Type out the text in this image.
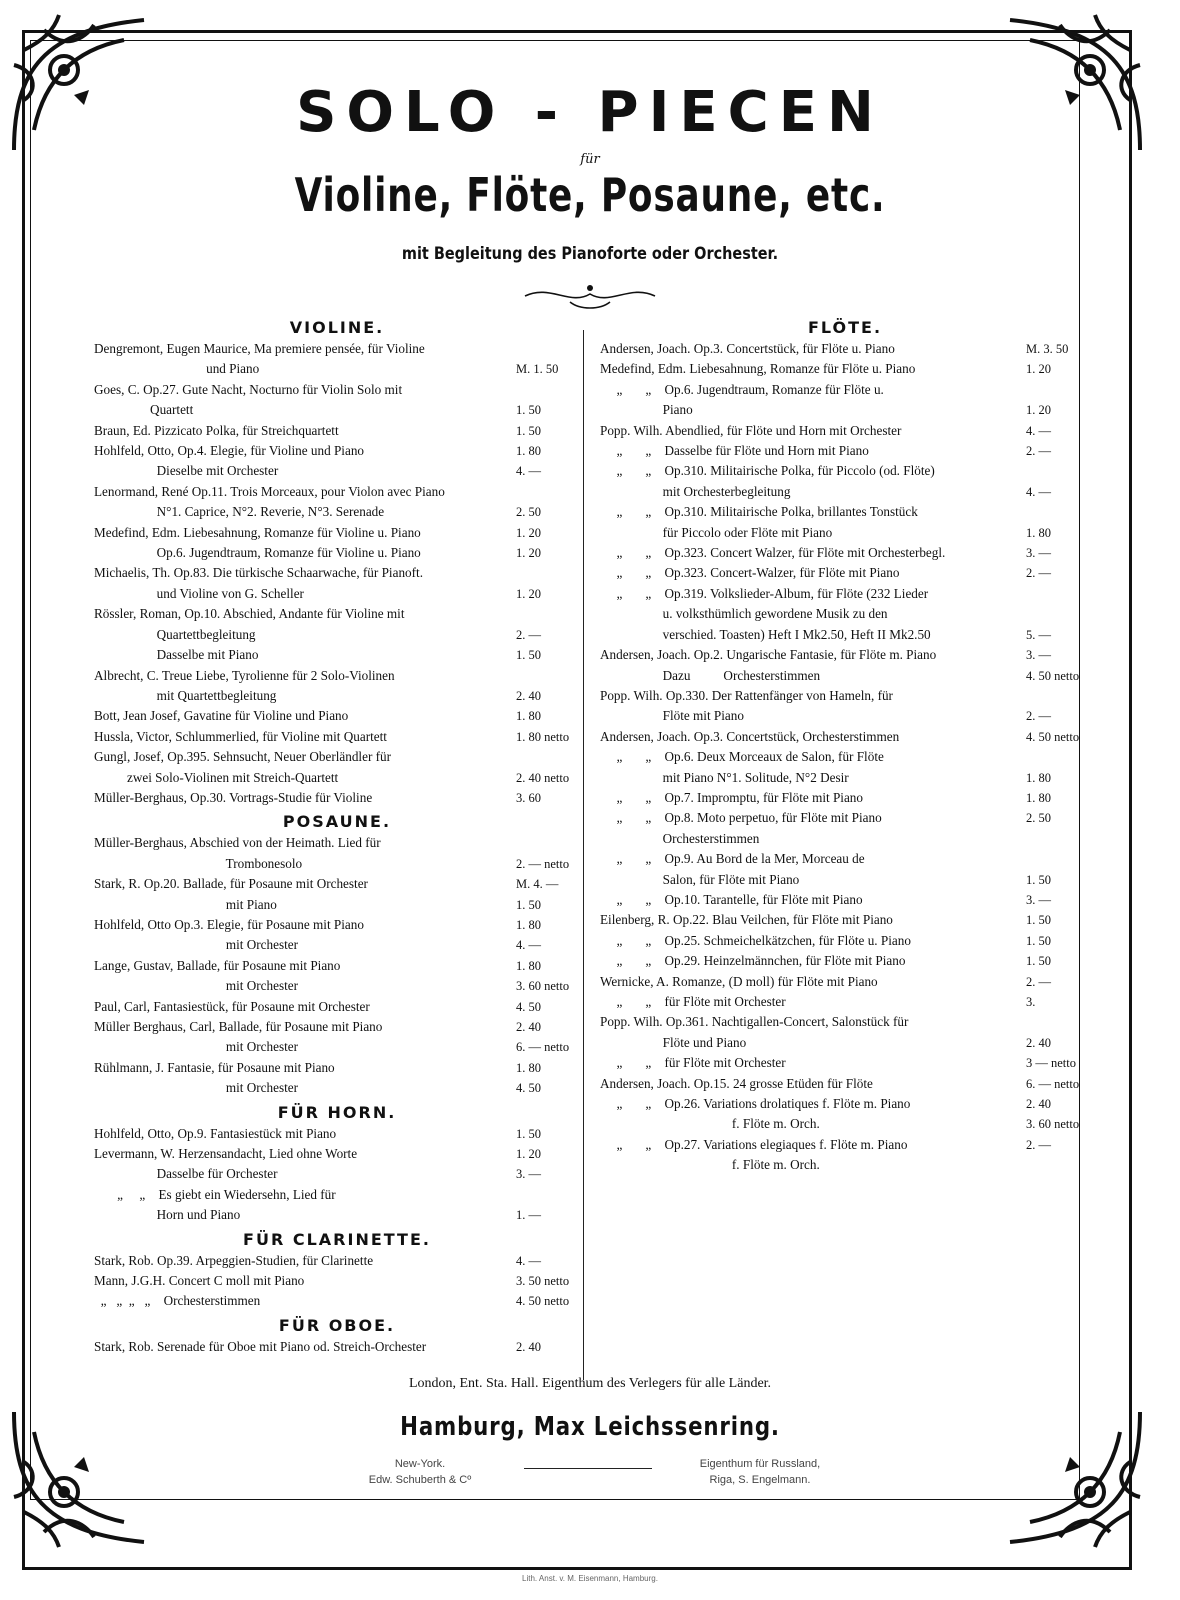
SOLO - PIECEN
für
Violine, Flöte, Posaune, etc.
mit Begleitung des Pianoforte oder Orchester.
VIOLINE.
Dengremont, Eugen Maurice, Ma premiere pensée, für Violine
und Piano	M. 1. 50
Goes, C. Op.27. Gute Nacht, Nocturno für Violin Solo mit
Quartett	1. 50
Braun, Ed. Pizzicato Polka, für Streichquartett	1. 50
Hohlfeld, Otto, Op.4. Elegie, für Violine und Piano	1. 80
Dieselbe mit Orchester	4. —
Lenormand, René Op.11. Trois Morceaux, pour Violon avec Piano
N°1. Caprice, N°2. Reverie, N°3. Serenade	2. 50
Medefind, Edm. Liebesahnung, Romanze für Violine u. Piano	1. 20
Op.6. Jugendtraum, Romanze für Violine u. Piano	1. 20
Michaelis, Th. Op.83. Die türkische Schaarwache, für Pianoft.
und Violine von G. Scheller	1. 20
Rössler, Roman, Op.10. Abschied, Andante für Violine mit
Quartettbegleitung	2. —
Dasselbe mit Piano	1. 50
Albrecht, C. Treue Liebe, Tyrolienne für 2 Solo-Violinen
mit Quartettbegleitung	2. 40
Bott, Jean Josef, Gavatine für Violine und Piano	1. 80
Hussla, Victor, Schlummerlied, für Violine mit Quartett	1. 80 netto
Gungl, Josef, Op.395. Sehnsucht, Neuer Oberländler für
zwei Solo-Violinen mit Streich-Quartett	2. 40 netto
Müller-Berghaus, Op.30. Vortrags-Studie für Violine	3. 60
POSAUNE.
Müller-Berghaus, Abschied von der Heimath. Lied für
Trombonesolo	2. — netto
Stark, R. Op.20. Ballade, für Posaune mit Orchester	M. 4. —
mit Piano	1. 50
Hohlfeld, Otto Op.3. Elegie, für Posaune mit Piano	1. 80
mit Orchester	4. —
Lange, Gustav, Ballade, für Posaune mit Piano	1. 80
mit Orchester	3. 60 netto
Paul, Carl, Fantasiestück, für Posaune mit Orchester	4. 50
Müller Berghaus, Carl, Ballade, für Posaune mit Piano	2. 40
mit Orchester	6. — netto
Rühlmann, J. Fantasie, für Posaune mit Piano	1. 80
mit Orchester	4. 50
FÜR HORN.
Hohlfeld, Otto, Op.9. Fantasiestück mit Piano	1. 50
Levermann, W. Herzensandacht, Lied ohne Worte	1. 20
Dasselbe für Orchester	3. —
„     „    Es giebt ein Wiedersehn, Lied für
Horn und Piano	1. —
FÜR CLARINETTE.
Stark, Rob. Op.39. Arpeggien-Studien, für Clarinette	4. —
Mann, J.G.H. Concert C moll mit Piano	3. 50 netto
„   „  „   „    Orchesterstimmen	4. 50 netto
FÜR OBOE.
Stark, Rob. Serenade für Oboe mit Piano od. Streich-Orchester	2. 40
FLÖTE.
Andersen, Joach. Op.3. Concertstück, für Flöte u. Piano	M. 3. 50
Medefind, Edm. Liebesahnung, Romanze für Flöte u. Piano	1. 20
„       „    Op.6. Jugendtraum, Romanze für Flöte u.
Piano	1. 20
Popp. Wilh. Abendlied, für Flöte und Horn mit Orchester	4. —
„       „    Dasselbe für Flöte und Horn mit Piano	2. —
„       „    Op.310. Militairische Polka, für Piccolo (od. Flöte)
mit Orchesterbegleitung	4. —
„       „    Op.310. Militairische Polka, brillantes Tonstück
für Piccolo oder Flöte mit Piano	1. 80
„       „    Op.323. Concert Walzer, für Flöte mit Orchesterbegl.	3. —
„       „    Op.323. Concert-Walzer, für Flöte mit Piano	2. —
„       „    Op.319. Volkslieder-Album, für Flöte (232 Lieder
u. volksthümlich gewordene Musik zu den
verschied. Toasten) Heft I Mk2.50, Heft II Mk2.50	5. —
Andersen, Joach. Op.2. Ungarische Fantasie, für Flöte m. Piano	3. —
Dazu          Orchesterstimmen	4. 50 netto
Popp. Wilh. Op.330. Der Rattenfänger von Hameln, für
Flöte mit Piano	2. —
Andersen, Joach. Op.3. Concertstück, Orchesterstimmen	4. 50 netto
„       „    Op.6. Deux Morceaux de Salon, für Flöte
mit Piano N°1. Solitude, N°2 Desir	1. 80
„       „    Op.7. Impromptu, für Flöte mit Piano	1. 80
„       „    Op.8. Moto perpetuo, für Flöte mit Piano	2. 50
Orchesterstimmen
„       „    Op.9. Au Bord de la Mer, Morceau de
Salon, für Flöte mit Piano	1. 50
„       „    Op.10. Tarantelle, für Flöte mit Piano	3. —
Eilenberg, R. Op.22. Blau Veilchen, für Flöte mit Piano	1. 50
„       „    Op.25. Schmeichelkätzchen, für Flöte u. Piano	1. 50
„       „    Op.29. Heinzelmännchen, für Flöte mit Piano	1. 50
Wernicke, A. Romanze, (D moll) für Flöte mit Piano	2. —
„       „    für Flöte mit Orchester	3.
Popp. Wilh. Op.361. Nachtigallen-Concert, Salonstück für
Flöte und Piano	2. 40
„       „    für Flöte mit Orchester	3 — netto
Andersen, Joach. Op.15. 24 grosse Etüden für Flöte	6. — netto
„       „    Op.26. Variations drolatiques f. Flöte m. Piano	2. 40
f. Flöte m. Orch.	3. 60 netto
„       „    Op.27. Variations elegiaques f. Flöte m. Piano	2. —
f. Flöte m. Orch.
London, Ent. Sta. Hall. Eigenthum des Verlegers für alle Länder.
Hamburg, Max Leichssenring.
New-York.
Edw. Schuberth & Cº
Eigenthum für Russland,
Riga, S. Engelmann.
Lith. Anst. v. M. Eisenmann, Hamburg.
